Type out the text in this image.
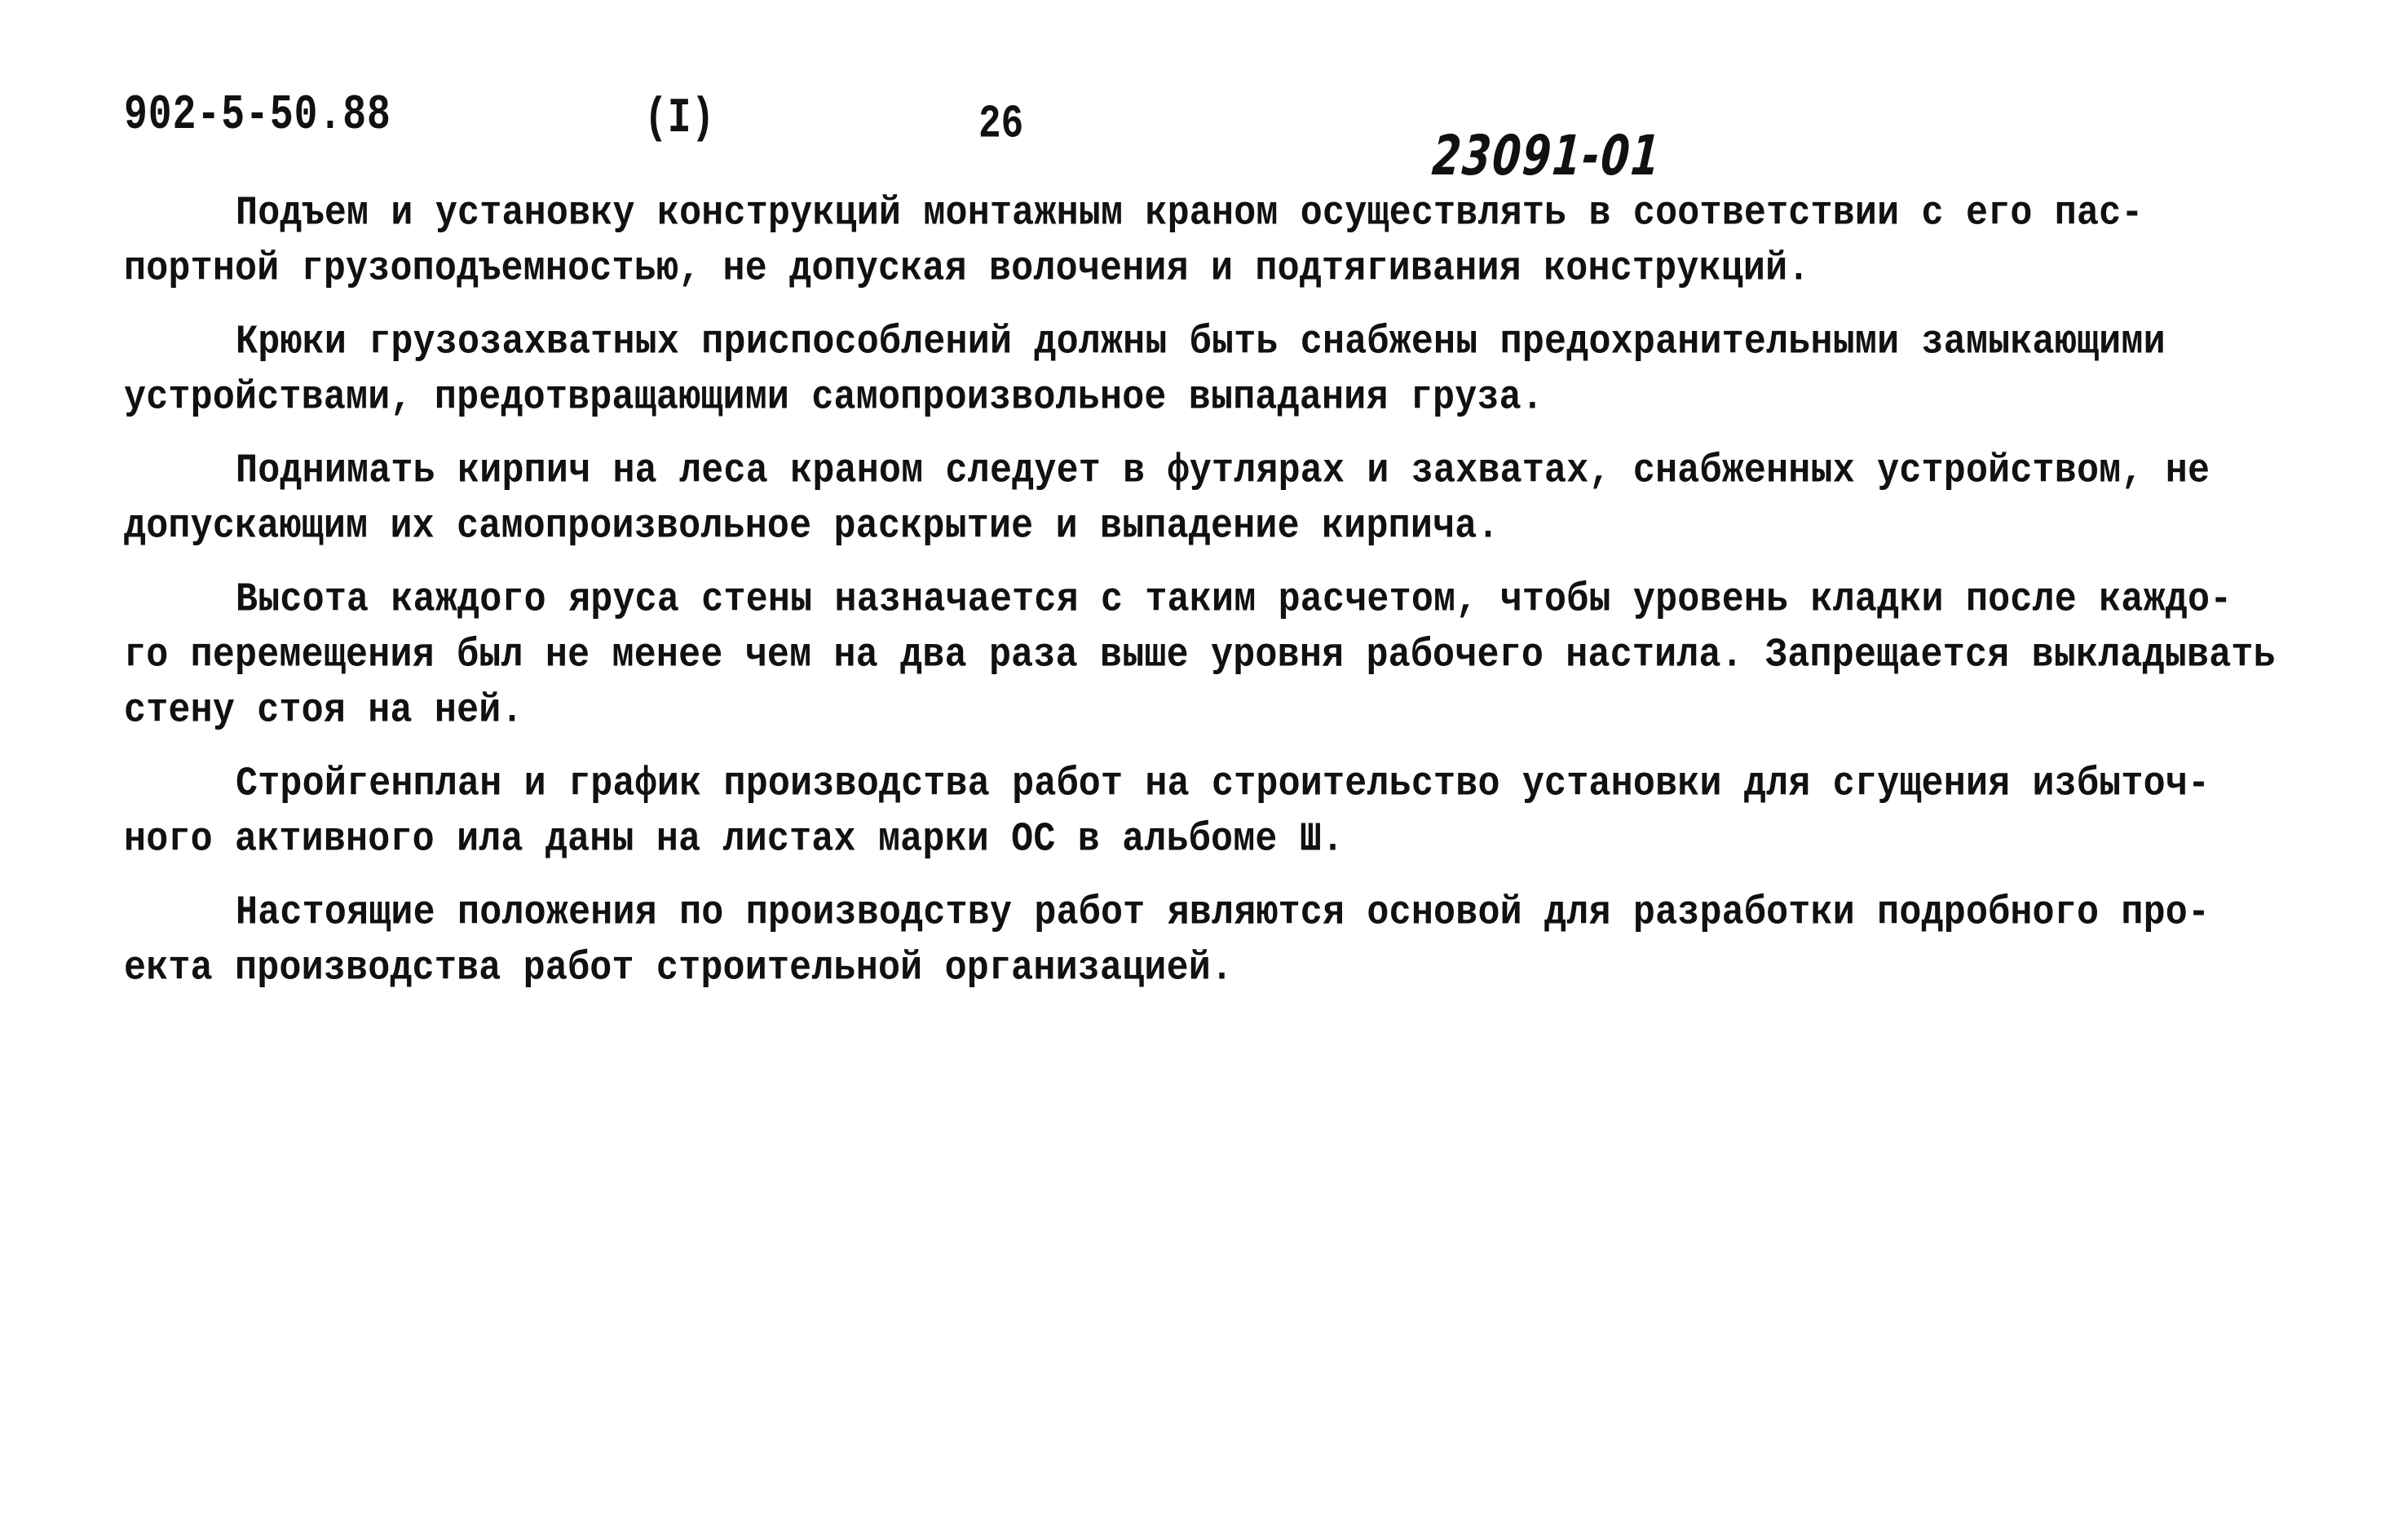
902-5-50.88	(I)	26	23091-01

Подъем и установку конструкций монтажным краном осуществлять в соответствии с его пас-
портной грузоподъемностью, не допуская волочения и подтягивания конструкций.

Крюки грузозахватных приспособлений должны быть снабжены предохранительными замыкающими
устройствами, предотвращающими самопроизвольное выпадания груза.

Поднимать кирпич на леса краном следует в футлярах и захватах, снабженных устройством, не
допускающим их самопроизвольное раскрытие и выпадение кирпича.

Высота каждого яруса стены назначается с таким расчетом, чтобы уровень кладки после каждо-
го перемещения был не менее чем на два раза выше уровня рабочего настила. Запрещается выкладывать
стену стоя на ней.

Стройгенплан и график производства работ на строительство установки для сгущения избыточ-
ного активного ила даны на листах марки ОС в альбоме Ш.

Настоящие положения по производству работ являются основой для разработки подробного про-
екта производства работ строительной организацией.
